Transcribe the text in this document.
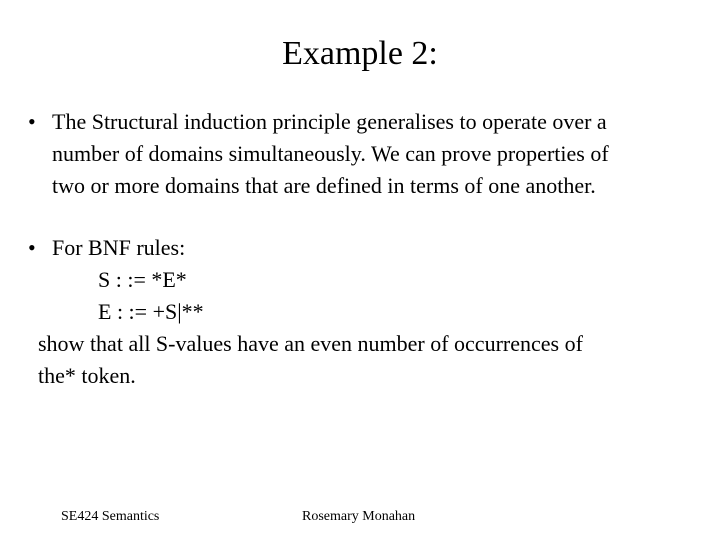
Example 2:
• The Structural induction principle generalises to operate over a
number of domains simultaneously. We can prove properties of
two or more domains that are defined in terms of one another.
• For BNF rules:
S : := *E*
E : := +S|**
show that all S-values have an even number of occurrences of
the* token.
SE424 Semantics	Rosemary Monahan
